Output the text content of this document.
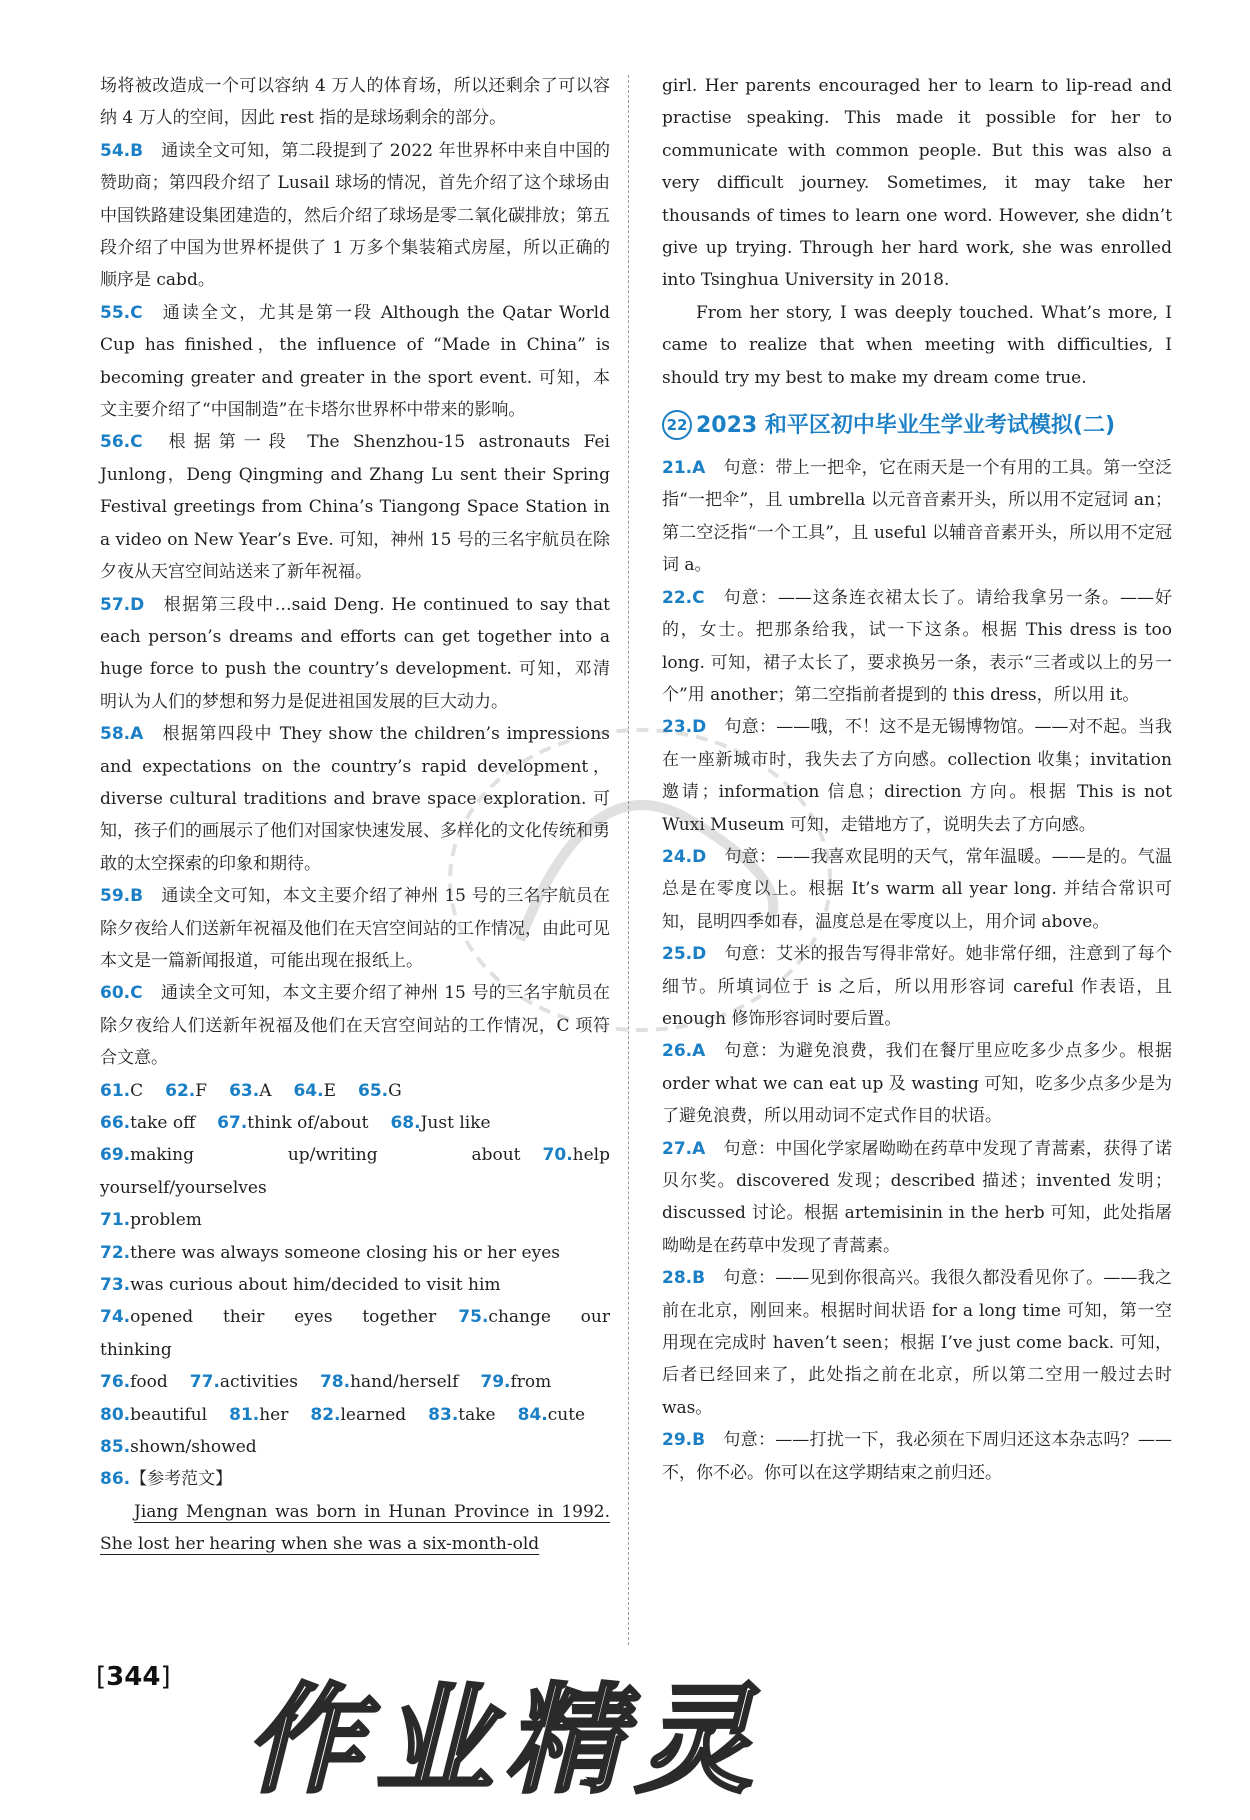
场将被改造成一个可以容纳 4 万人的体育场，所以还剩余了可以容纳 4 万人的空间，因此 rest 指的是球场剩余的部分。

54.B 通读全文可知，第二段提到了 2022 年世界杯中来自中国的赞助商；第四段介绍了 Lusail 球场的情况，首先介绍了这个球场由中国铁路建设集团建造的，然后介绍了球场是零二氧化碳排放；第五段介绍了中国为世界杯提供了 1 万多个集装箱式房屋，所以正确的顺序是 cabd。

55.C 通读全文，尤其是第一段 Although the Qatar World Cup has finished，the influence of “Made in China” is becoming greater and greater in the sport event. 可知，本文主要介绍了“中国制造”在卡塔尔世界杯中带来的影响。

56.C 根据第一段 The Shenzhou-15 astronauts Fei Junlong，Deng Qingming and Zhang Lu sent their Spring Festival greetings from China’s Tiangong Space Station in a video on New Year’s Eve. 可知，神州 15 号的三名宇航员在除夕夜从天宫空间站送来了新年祝福。

57.D 根据第三段中…said Deng. He continued to say that each person’s dreams and efforts can get together into a huge force to push the country’s development. 可知，邓清明认为人们的梦想和努力是促进祖国发展的巨大动力。

58.A 根据第四段中 They show the children’s impressions and expectations on the country’s rapid development，diverse cultural traditions and brave space exploration. 可知，孩子们的画展示了他们对国家快速发展、多样化的文化传统和勇敢的太空探索的印象和期待。

59.B 通读全文可知，本文主要介绍了神州 15 号的三名宇航员在除夕夜给人们送新年祝福及他们在天宫空间站的工作情况，由此可见本文是一篇新闻报道，可能出现在报纸上。

60.C 通读全文可知，本文主要介绍了神州 15 号的三名宇航员在除夕夜给人们送新年祝福及他们在天宫空间站的工作情况，C 项符合文意。

61.C 62.F 63.A 64.E 65.G

66.take off 67.think of/about 68.Just like

69.making up/writing about 70.help yourself/yourselves

71.problem

72.there was always someone closing his or her eyes

73.was curious about him/decided to visit him

74.opened their eyes together 75.change our thinking

76.food 77.activities 78.hand/herself 79.from

80.beautiful 81.her 82.learned 83.take 84.cute

85.shown/showed

86.【参考范文】

Jiang Mengnan was born in Hunan Province in 1992. She lost her hearing when she was a six-month-old

girl. Her parents encouraged her to learn to lip-read and practise speaking. This made it possible for her to communicate with common people. But this was also a very difficult journey. Sometimes, it may take her thousands of times to learn one word. However, she didn’t give up trying. Through her hard work, she was enrolled into Tsinghua University in 2018.

From her story, I was deeply touched. What’s more, I came to realize that when meeting with difficulties, I should try my best to make my dream come true.

22 2023 和平区初中毕业生学业考试模拟(二)

21.A 句意：带上一把伞，它在雨天是一个有用的工具。第一空泛指“一把伞”，且 umbrella 以元音音素开头，所以用不定冠词 an；第二空泛指“一个工具”，且 useful 以辅音音素开头，所以用不定冠词 a。

22.C 句意：——这条连衣裙太长了。请给我拿另一条。——好的，女士。把那条给我，试一下这条。根据 This dress is too long. 可知，裙子太长了，要求换另一条，表示“三者或以上的另一个”用 another；第二空指前者提到的 this dress，所以用 it。

23.D 句意：——哦，不！这不是无锡博物馆。——对不起。当我在一座新城市时，我失去了方向感。collection 收集；invitation 邀请；information 信息；direction 方向。根据 This is not Wuxi Museum 可知，走错地方了，说明失去了方向感。

24.D 句意：——我喜欢昆明的天气，常年温暖。——是的。气温总是在零度以上。根据 It’s warm all year long. 并结合常识可知，昆明四季如春，温度总是在零度以上，用介词 above。

25.D 句意：艾米的报告写得非常好。她非常仔细，注意到了每个细节。所填词位于 is 之后，所以用形容词 careful 作表语，且 enough 修饰形容词时要后置。

26.A 句意：为避免浪费，我们在餐厅里应吃多少点多少。根据 order what we can eat up 及 wasting 可知，吃多少点多少是为了避免浪费，所以用动词不定式作目的状语。

27.A 句意：中国化学家屠呦呦在药草中发现了青蒿素，获得了诺贝尔奖。discovered 发现；described 描述；invented 发明；discussed 讨论。根据 artemisinin in the herb 可知，此处指屠呦呦是在药草中发现了青蒿素。

28.B 句意：——见到你很高兴。我很久都没看见你了。——我之前在北京，刚回来。根据时间状语 for a long time 可知，第一空用现在完成时 haven’t seen；根据 I’ve just come back. 可知，后者已经回来了，此处指之前在北京，所以第二空用一般过去时 was。

29.B 句意：——打扰一下，我必须在下周归还这本杂志吗？——不，你不必。你可以在这学期结束之前归还。

[344] 作业精灵
